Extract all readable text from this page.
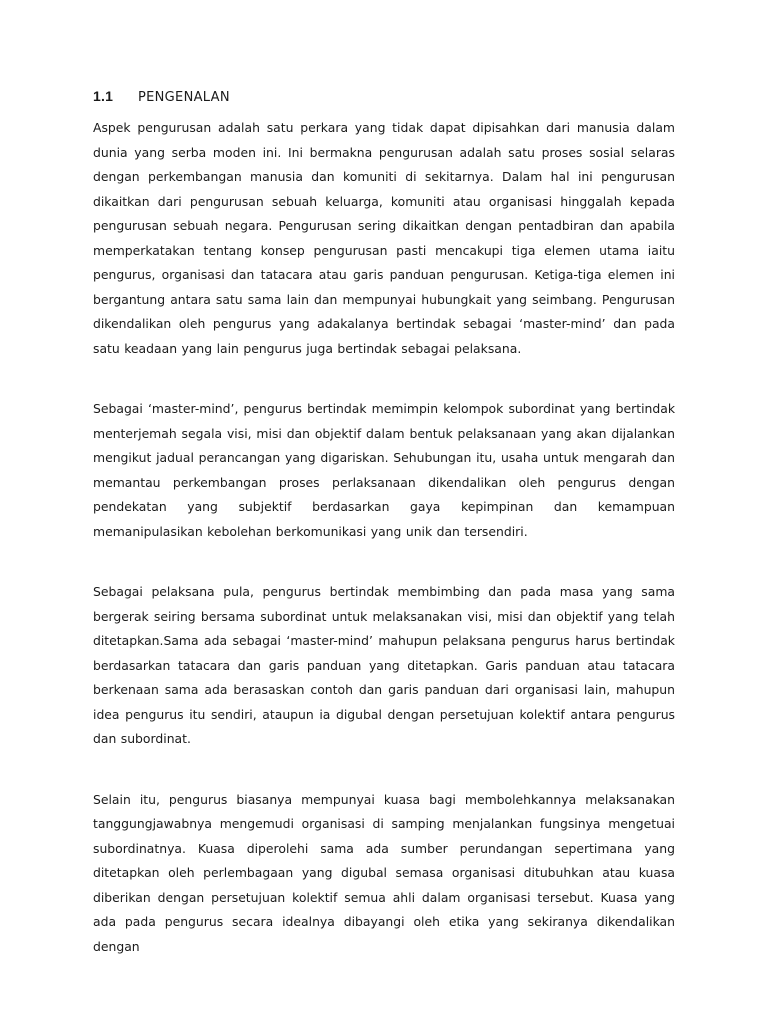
1.1 PENGENALAN

Aspek pengurusan adalah satu perkara yang tidak dapat dipisahkan dari manusia dalam dunia yang serba moden ini. Ini bermakna pengurusan adalah satu proses sosial selaras dengan perkembangan manusia dan komuniti di sekitarnya. Dalam hal ini pengurusan dikaitkan dari pengurusan sebuah keluarga, komuniti atau organisasi hinggalah kepada pengurusan sebuah negara. Pengurusan sering dikaitkan dengan pentadbiran dan apabila memperkatakan tentang konsep pengurusan pasti mencakupi tiga elemen utama iaitu pengurus, organisasi dan tatacara atau garis panduan pengurusan. Ketiga-tiga elemen ini bergantung antara satu sama lain dan mempunyai hubungkait yang seimbang. Pengurusan dikendalikan oleh pengurus yang adakalanya bertindak sebagai ‘master-mind’ dan pada satu keadaan yang lain pengurus juga bertindak sebagai pelaksana.

Sebagai ‘master-mind’, pengurus bertindak memimpin kelompok subordinat yang bertindak menterjemah segala visi, misi dan objektif dalam bentuk pelaksanaan yang akan dijalankan mengikut jadual perancangan yang digariskan. Sehubungan itu, usaha untuk mengarah dan memantau perkembangan proses perlaksanaan dikendalikan oleh pengurus dengan pendekatan yang subjektif berdasarkan gaya kepimpinan dan kemampuan memanipulasikan kebolehan berkomunikasi yang unik dan tersendiri.

Sebagai pelaksana pula, pengurus bertindak membimbing dan pada masa yang sama bergerak seiring bersama subordinat untuk melaksanakan visi, misi dan objektif yang telah ditetapkan.Sama ada sebagai ‘master-mind’ mahupun pelaksana pengurus harus bertindak berdasarkan tatacara dan garis panduan yang ditetapkan. Garis panduan atau tatacara berkenaan sama ada berasaskan contoh dan garis panduan dari organisasi lain, mahupun idea pengurus itu sendiri, ataupun ia digubal dengan persetujuan kolektif antara pengurus dan subordinat.

Selain itu, pengurus biasanya mempunyai kuasa bagi membolehkannya melaksanakan tanggungjawabnya mengemudi organisasi di samping menjalankan fungsinya mengetuai subordinatnya. Kuasa diperolehi sama ada sumber perundangan sepertimana yang ditetapkan oleh perlembagaan yang digubal semasa organisasi ditubuhkan atau kuasa diberikan dengan persetujuan kolektif semua ahli dalam organisasi tersebut. Kuasa yang ada pada pengurus secara idealnya dibayangi oleh etika yang sekiranya dikendalikan dengan
